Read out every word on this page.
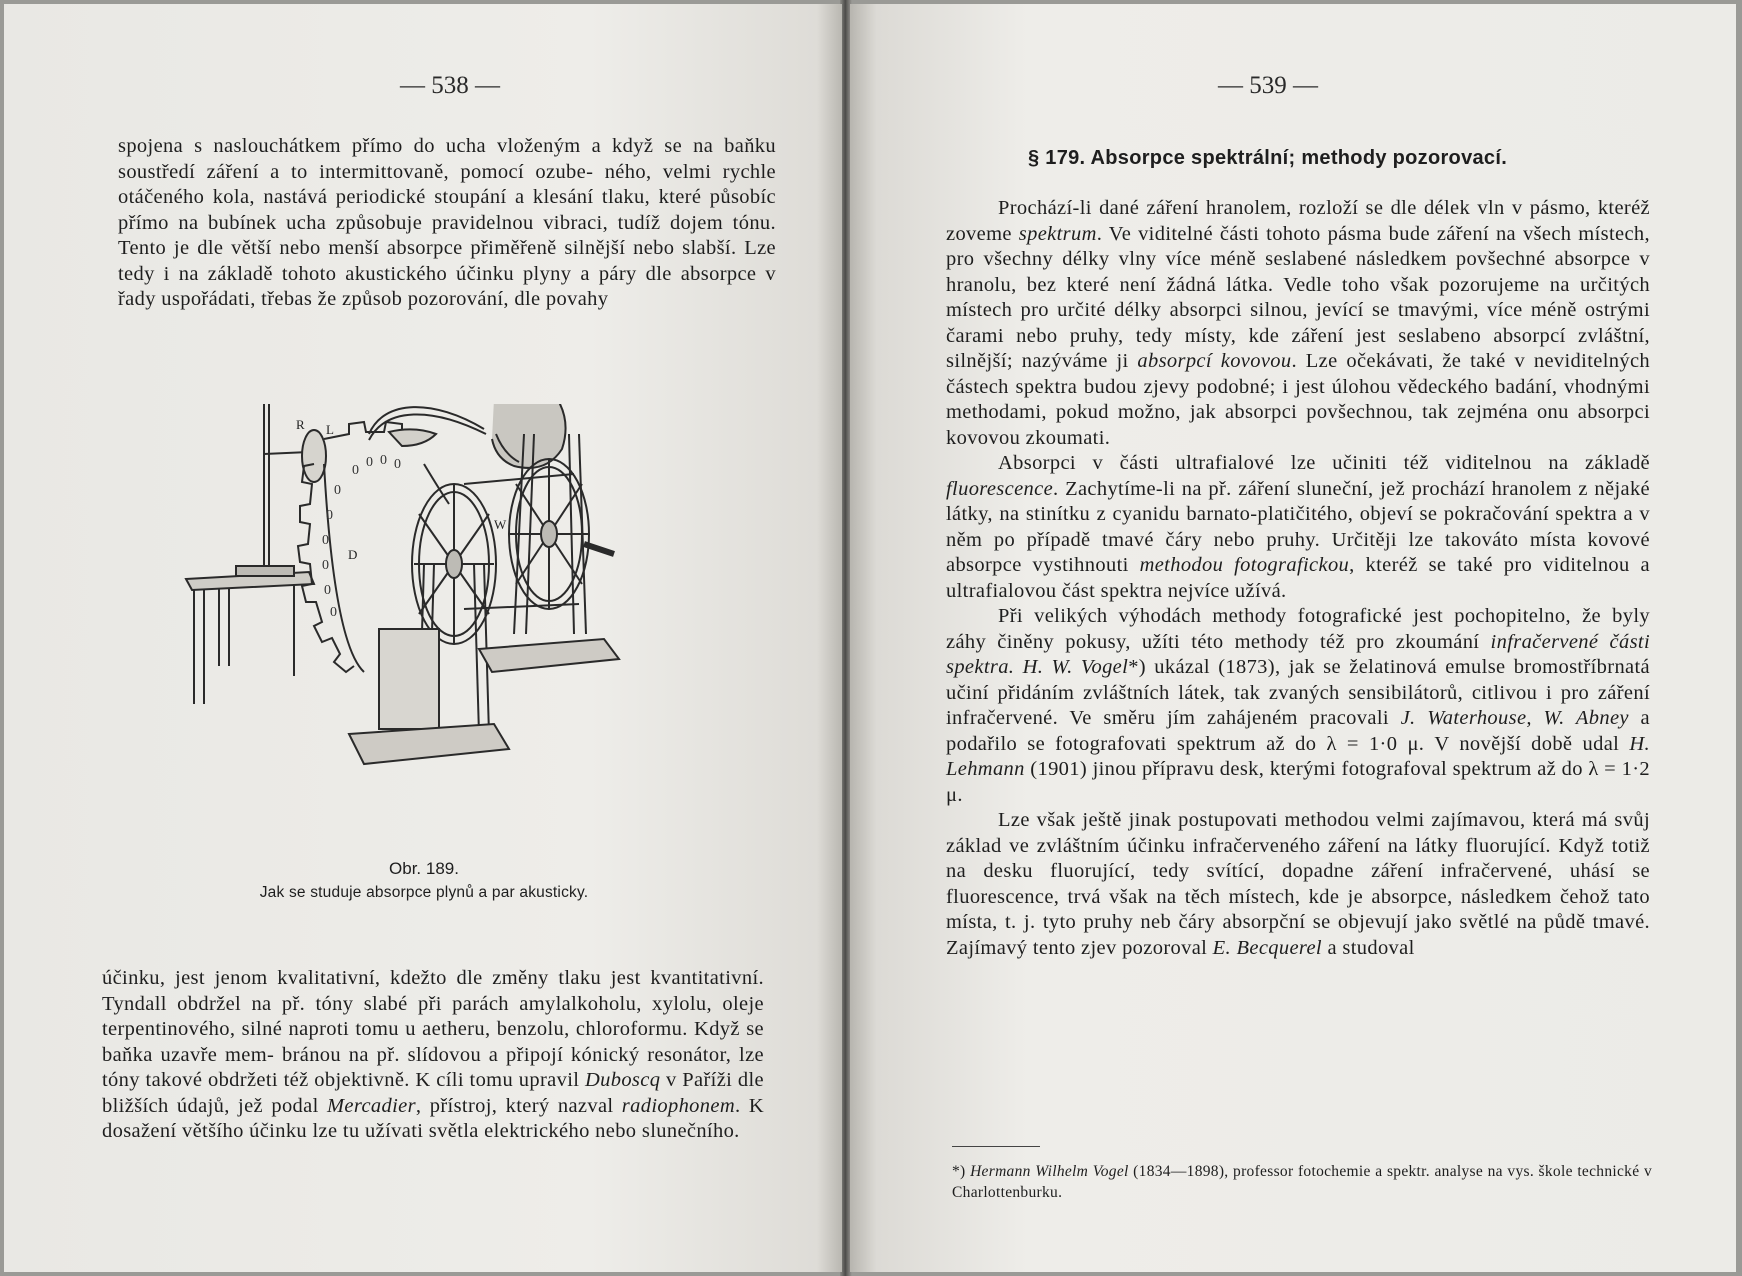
— 538 —

spojena s naslouchátkem přímo do ucha vloženým a když se na baňku soustředí záření a to intermittovaně, pomocí ozube- ného, velmi rychle otáčeného kola, nastává periodické stoupání a klesání tlaku, které působíc přímo na bubínek ucha způsobuje pravidelnou vibraci, tudíž dojem tónu. Tento je dle větší nebo menší absorpce přiměřeně silnější nebo slabší. Lze tedy i na základě tohoto akustického účinku plyny a páry dle absorpce v řady uspořádati, třebas že způsob pozorování, dle povahy

0
0 0 0
0
0
0
0
0
0
R L
D
W
Obr. 189.
Jak se studuje absorpce plynů a par akusticky.

účinku, jest jenom kvalitativní, kdežto dle změny tlaku jest kvantitativní. Tyndall obdržel na př. tóny slabé při parách amylalkoholu, xylolu, oleje terpentinového, silné naproti tomu u aetheru, benzolu, chloroformu. Když se baňka uzavře mem- bránou na př. slídovou a připojí kónický resonátor, lze tóny takové obdržeti též objektivně. K cíli tomu upravil Duboscq v Paříži dle bližších údajů, jež podal Mercadier, přístroj, který nazval radiophonem. K dosažení většího účinku lze tu užívati světla elektrického nebo slunečního.

— 539 —
§ 179. Absorpce spektrální; methody pozorovací.

Prochází-li dané záření hranolem, rozloží se dle délek vln v pásmo, kteréž zoveme spektrum. Ve viditelné části tohoto pásma bude záření na všech místech, pro všechny délky vlny více méně seslabené následkem povšechné absorpce v hranolu, bez které není žádná látka. Vedle toho však pozorujeme na určitých místech pro určité délky absorpci silnou, jevící se tmavými, více méně ostrými čarami nebo pruhy, tedy místy, kde záření jest seslabeno absorpcí zvláštní, silnější; nazýváme ji absorpcí kovovou. Lze očekávati, že také v neviditelných částech spektra budou zjevy podobné; i jest úlohou vědeckého badání, vhodnými methodami, pokud možno, jak absorpci povšechnou, tak zejména onu absorpci kovovou zkoumati.

Absorpci v části ultrafialové lze učiniti též viditelnou na základě fluorescence. Zachytíme-li na př. záření sluneční, jež prochází hranolem z nějaké látky, na stinítku z cyanidu barnato-platičitého, objeví se pokračování spektra a v něm po případě tmavé čáry nebo pruhy. Určitěji lze takováto místa kovové absorpce vystihnouti methodou fotografickou, kteréž se také pro viditelnou a ultrafialovou část spektra nejvíce užívá.

Při velikých výhodách methody fotografické jest pochopitelno, že byly záhy činěny pokusy, užíti této methody též pro zkoumání infračervené části spektra. H. W. Vogel*) ukázal (1873), jak se želatinová emulse bromostříbrnatá učiní přidáním zvláštních látek, tak zvaných sensibilátorů, citlivou i pro záření infračervené. Ve směru jím zahájeném pracovali J. Waterhouse, W. Abney a podařilo se fotografovati spektrum až do λ = 1·0 μ. V novější době udal H. Lehmann (1901) jinou přípravu desk, kterými fotografoval spektrum až do λ = 1·2 μ.

Lze však ještě jinak postupovati methodou velmi zajímavou, která má svůj základ ve zvláštním účinku infračerveného záření na látky fluorující. Když totiž na desku fluorující, tedy svítící, dopadne záření infračervené, uhásí se fluorescence, trvá však na těch místech, kde je absorpce, následkem čehož tato místa, t. j. tyto pruhy neb čáry absorpční se objevují jako světlé na půdě tmavé. Zajímavý tento zjev pozoroval E. Becquerel a studoval

*) Hermann Wilhelm Vogel (1834—1898), professor fotochemie a spektr. analyse na vys. škole technické v Charlottenburku.
